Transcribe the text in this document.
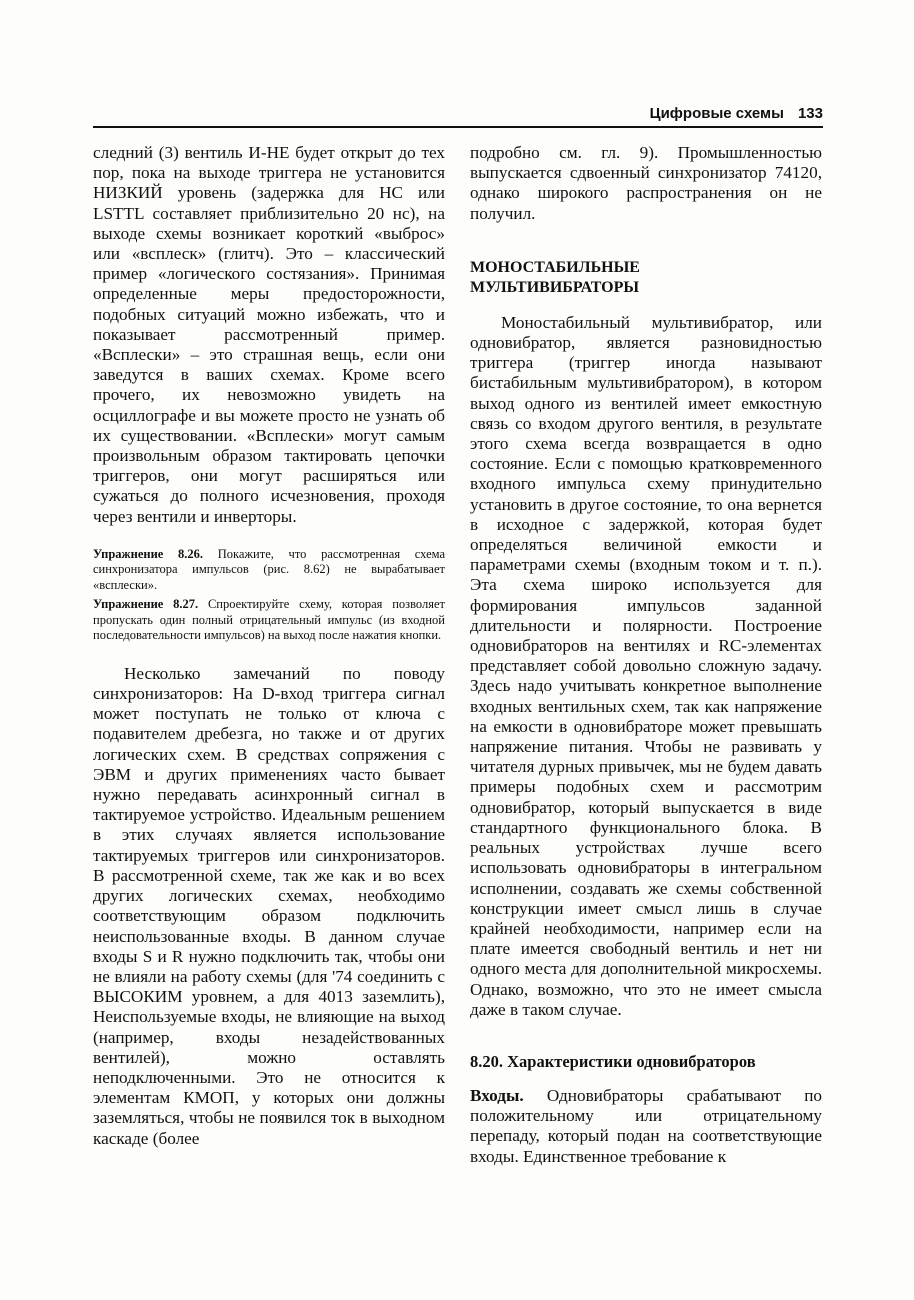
Цифровые схемы 133

следний (3) вентиль И-НЕ будет открыт до тех пор, пока на выходе триггера не установится НИЗКИЙ уровень (задержка для НС или LSTTL составляет приблизительно 20 нс), на выходе схемы возникает короткий «выброс» или «всплеск» (глитч). Это – классический пример «логического состязания». Принимая определенные меры предосторожности, подобных ситуаций можно избежать, что и показывает рассмотренный пример. «Всплески» – это страшная вещь, если они заведутся в ваших схемах. Кроме всего прочего, их невозможно увидеть на осциллографе и вы можете просто не узнать об их существовании. «Всплески» могут самым произвольным образом тактировать цепочки триггеров, они могут расширяться или сужаться до полного исчезновения, проходя через вентили и инверторы.

Упражнение 8.26. Покажите, что рассмотренная схема синхронизатора импульсов (рис. 8.62) не вырабатывает «всплески».

Упражнение 8.27. Спроектируйте схему, которая позволяет пропускать один полный отрицательный импульс (из входной последовательности импульсов) на выход после нажатия кнопки.

Несколько замечаний по поводу синхронизаторов: На D-вход триггера сигнал может поступать не только от ключа с подавителем дребезга, но также и от других логических схем. В средствах сопряжения с ЭВМ и других применениях часто бывает нужно передавать асинхронный сигнал в тактируемое устройство. Идеальным решением в этих случаях является использование тактируемых триггеров или синхронизаторов. В рассмотренной схеме, так же как и во всех других логических схемах, необходимо соответствующим образом подключить неиспользованные входы. В данном случае входы S и R нужно подключить так, чтобы они не влияли на работу схемы (для '74 соединить с ВЫСОКИМ уровнем, а для 4013 заземлить), Неиспользуемые входы, не влияющие на выход (например, входы незадействованных вентилей), можно оставлять неподключенными. Это не относится к элементам КМОП, у которых они должны заземляться, чтобы не появился ток в выходном каскаде (более

подробно см. гл. 9). Промышленностью выпускается сдвоенный синхронизатор 74120, однако широкого распространения он не получил.

МОНОСТАБИЛЬНЫЕ МУЛЬТИВИБРАТОРЫ

Моностабильный мультивибратор, или одновибратор, является разновидностью триггера (триггер иногда называют бистабильным мультивибратором), в котором выход одного из вентилей имеет емкостную связь со входом другого вентиля, в результате этого схема всегда возвращается в одно состояние. Если с помощью кратковременного входного импульса схему принудительно установить в другое состояние, то она вернется в исходное с задержкой, которая будет определяться величиной емкости и параметрами схемы (входным током и т. п.). Эта схема широко используется для формирования импульсов заданной длительности и полярности. Построение одновибраторов на вентилях и RC-элементах представляет собой довольно сложную задачу. Здесь надо учитывать конкретное выполнение входных вентильных схем, так как напряжение на емкости в одновибраторе может превышать напряжение питания. Чтобы не развивать у читателя дурных привычек, мы не будем давать примеры подобных схем и рассмотрим одновибратор, который выпускается в виде стандартного функционального блока. В реальных устройствах лучше всего использовать одновибраторы в интегральном исполнении, создавать же схемы собственной конструкции имеет смысл лишь в случае крайней необходимости, например если на плате имеется свободный вентиль и нет ни одного места для дополнительной микросхемы. Однако, возможно, что это не имеет смысла даже в таком случае.

8.20. Характеристики одновибраторов

Входы. Одновибраторы срабатывают по положительному или отрицательному перепаду, который подан на соответствующие входы. Единственное требование к
